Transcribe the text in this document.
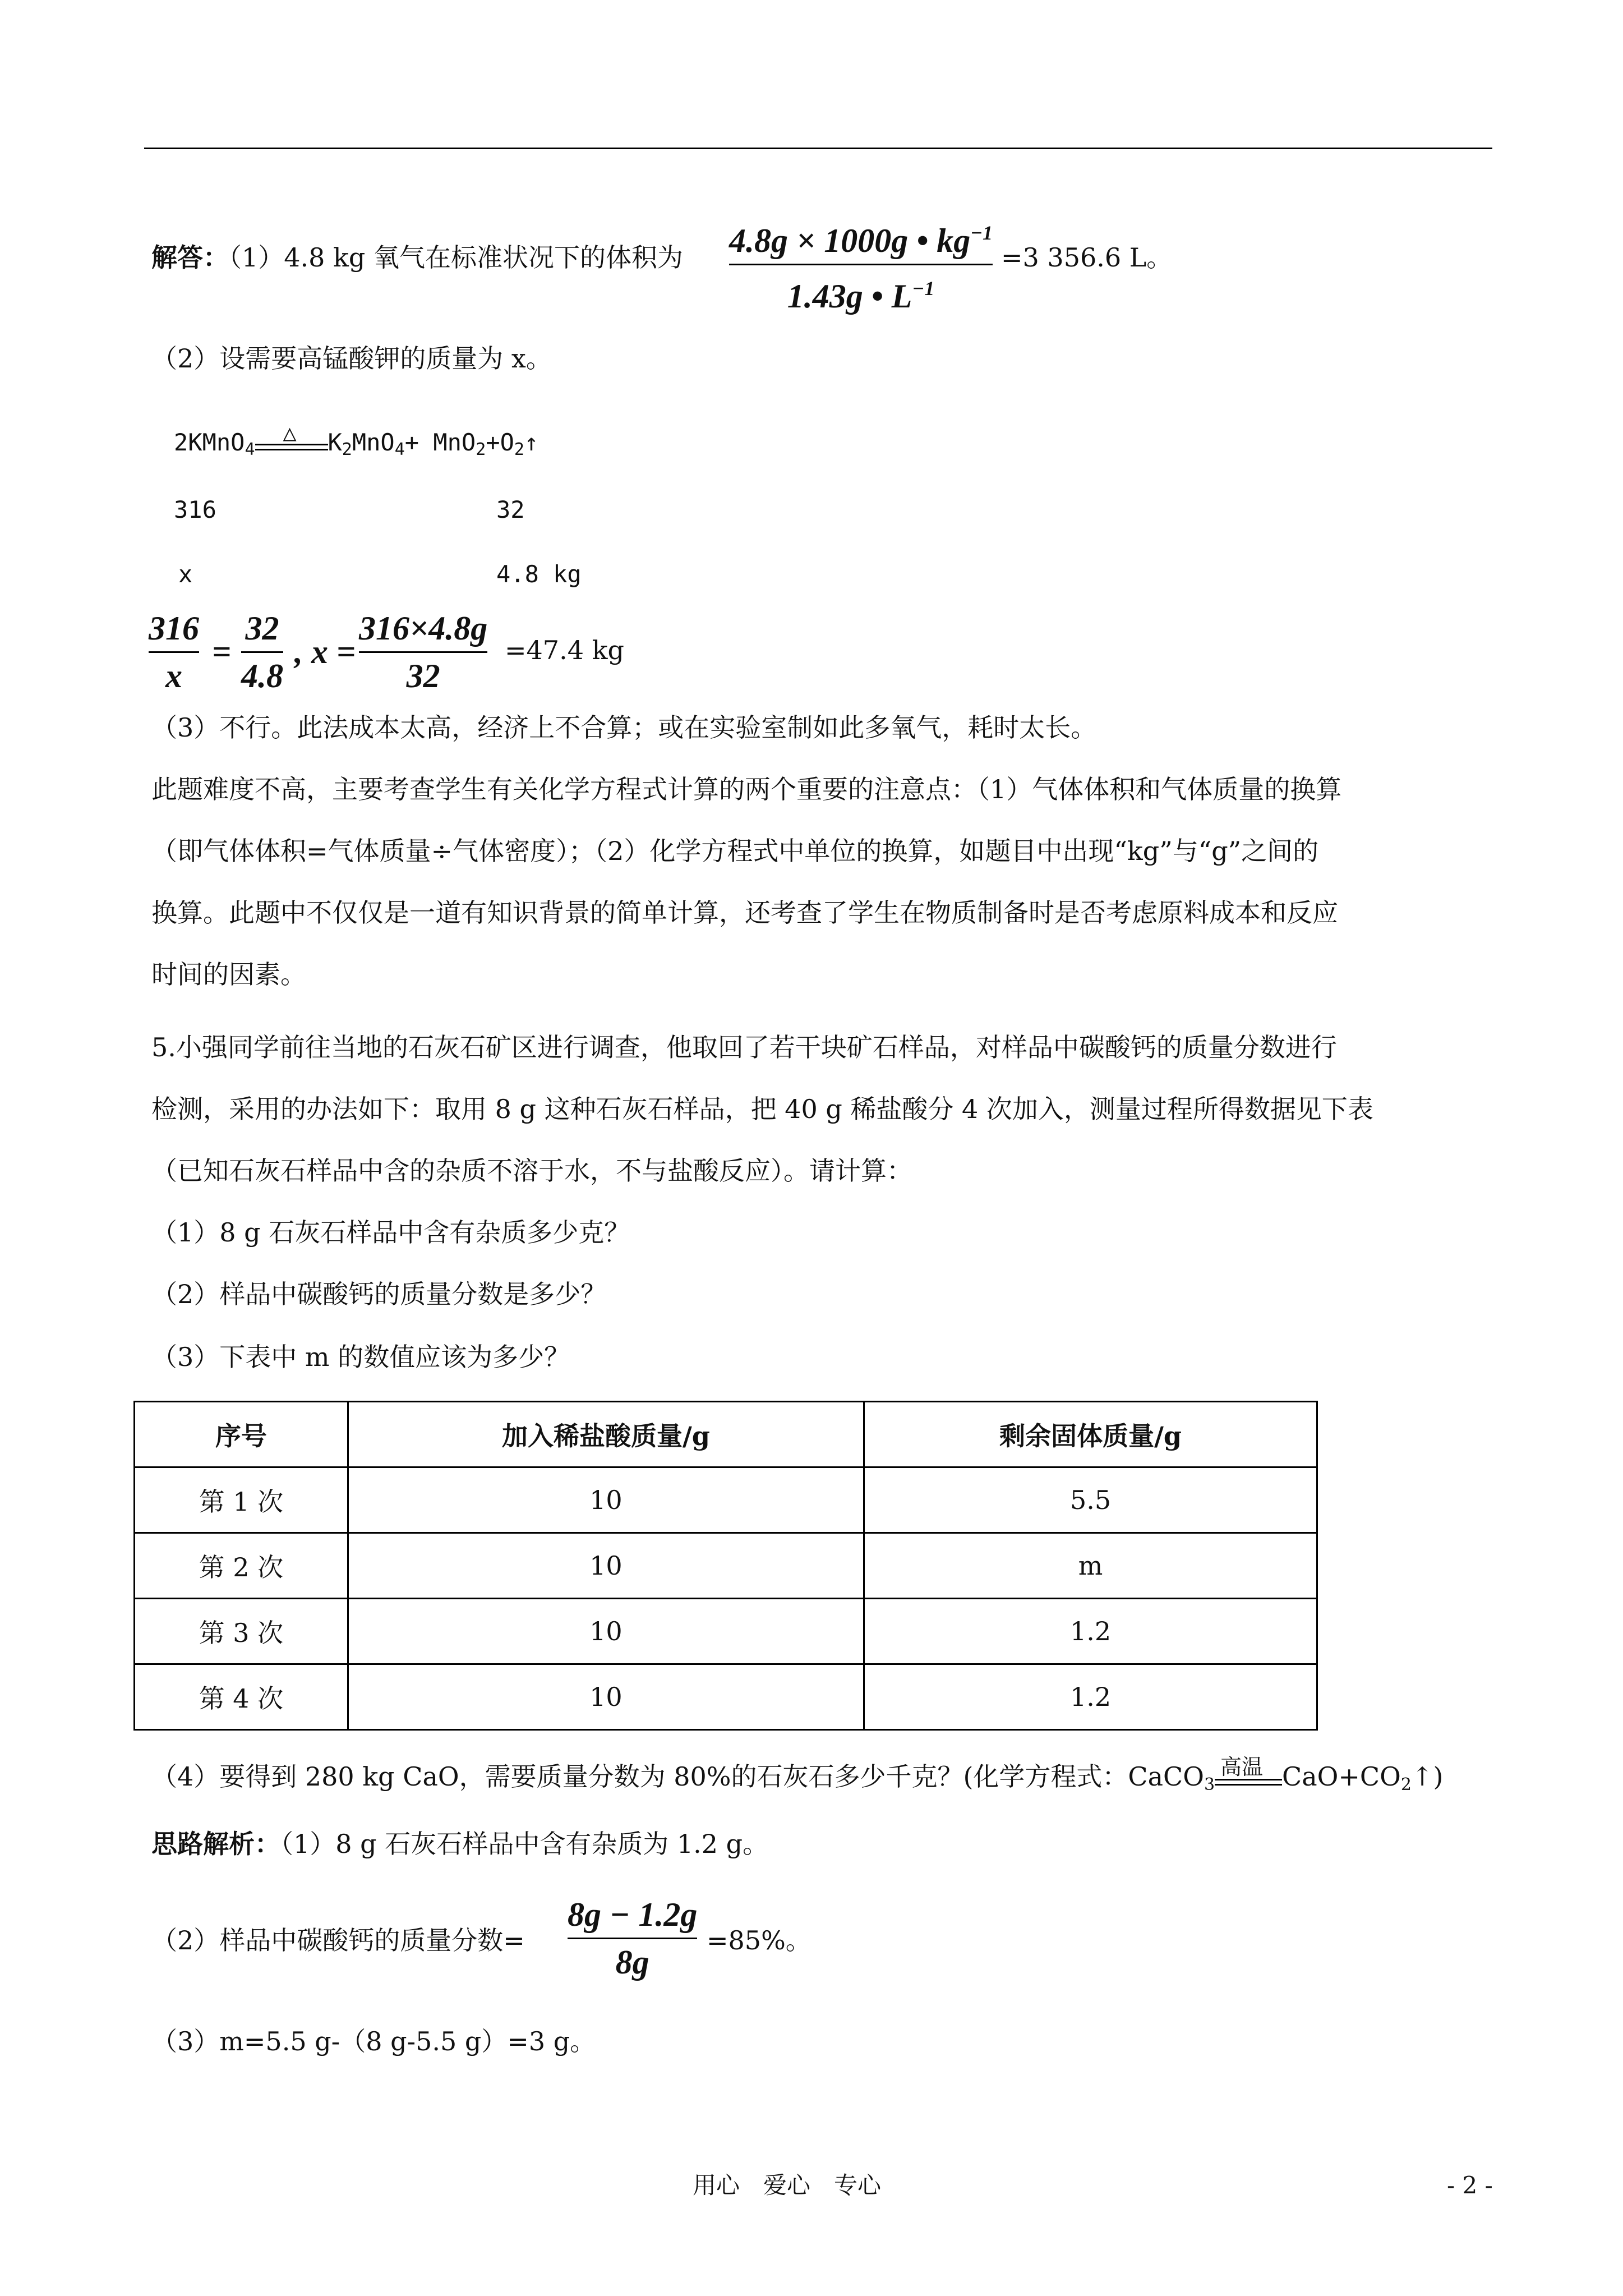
解答：（1）4.8 kg 氧气在标准状况下的体积为 4.8g × 1000g • $kg^{-1}$
1.43g • $L^{-1}$
=3 356.6 L。
（2）设需要高锰酸钾的质量为 x。
2KMnO$_4$
△ $K_2MnO_4+$ $MnO_2+O_2↑$
316	32
x	4.8 kg
316
x
=
32
4.8
, x =
316×4.8g
32
=47.4 kg
（3）不行。此法成本太高，经济上不合算；或在实验室制如此多氧气，耗时太长。
此题难度不高，主要考查学生有关化学方程式计算的两个重要的注意点：（1）气体体积和气体质量的换算
（即气体体积=气体质量÷气体密度）；（2）化学方程式中单位的换算，如题目中出现“kg”与“g”之间的
换算。此题中不仅仅是一道有知识背景的简单计算，还考查了学生在物质制备时是否考虑原料成本和反应
时间的因素。
5.小强同学前往当地的石灰石矿区进行调查，他取回了若干块矿石样品，对样品中碳酸钙的质量分数进行
检测，采用的办法如下：取用 8 g 这种石灰石样品，把 40 g 稀盐酸分 4 次加入，测量过程所得数据见下表
（已知石灰石样品中含的杂质不溶于水，不与盐酸反应）。请计算：
（1）8 g 石灰石样品中含有杂质多少克？
（2）样品中碳酸钙的质量分数是多少？
（3）下表中 m 的数值应该为多少？
序号	加入稀盐酸质量/g	剩余固体质量/g
第 1 次	10	5.5
第 2 次	10	m
第 3 次	10	1.2
第 4 次	10	1.2
（4）要得到 280 kg CaO，需要质量分数为 80%的石灰石多少千克？(化学方程式：CaCO$_3$
高温 $CaO+CO_2↑$)
思路解析：（1）8 g 石灰石样品中含有杂质为 1.2 g。
（2）样品中碳酸钙的质量分数=
8g − 1.2g
8g
=85%。
（3）m=5.5 g-（8 g-5.5 g）=3 g。
用心　爱心　专心	- 2 -
